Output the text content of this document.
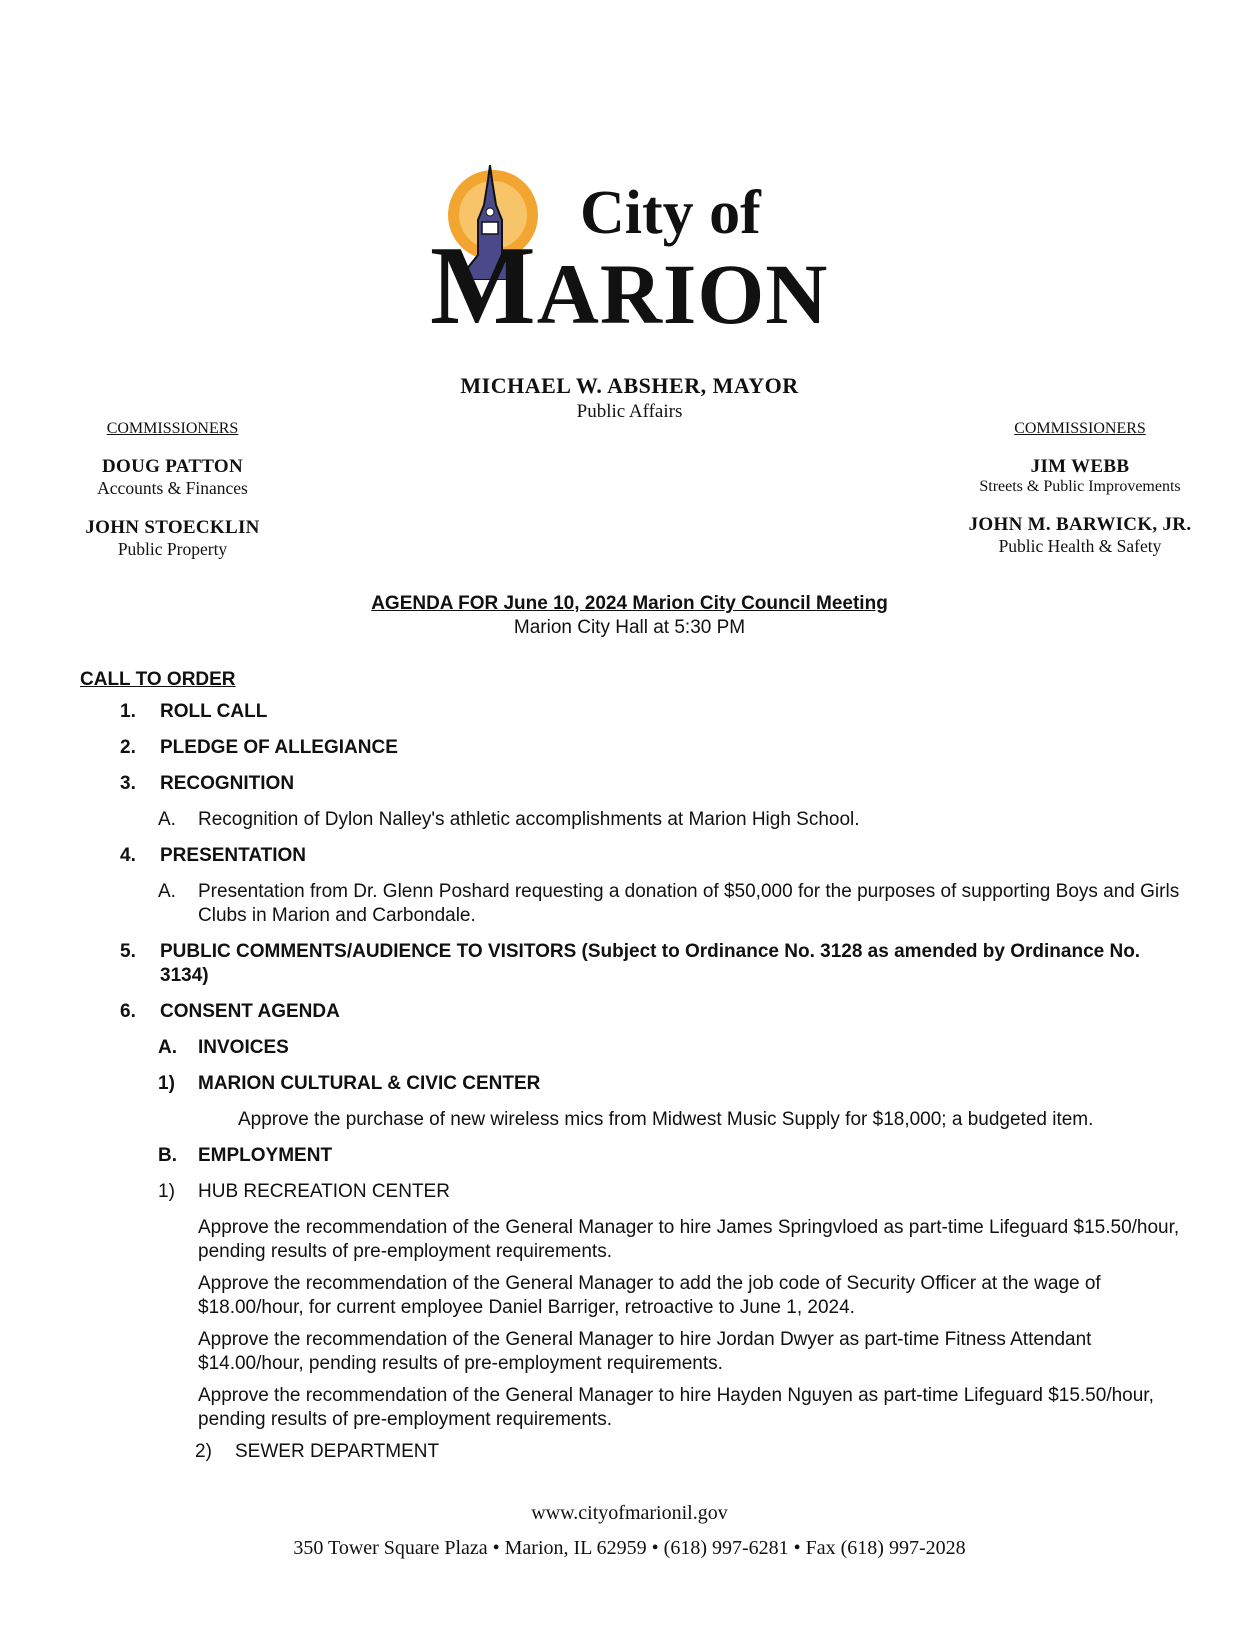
City of
MARION
MICHAEL W. ABSHER, MAYOR
Public Affairs
COMMISSIONERS
DOUG PATTON
Accounts & Finances
JOHN STOECKLIN
Public Property
COMMISSIONERS
JIM WEBB
Streets & Public Improvements
JOHN M. BARWICK, JR.
Public Health & Safety
AGENDA FOR June 10, 2024 Marion City Council Meeting
Marion City Hall at 5:30 PM
CALL TO ORDER
1.	ROLL CALL
2.	PLEDGE OF ALLEGIANCE
3.	RECOGNITION
A.	Recognition of Dylon Nalley's athletic accomplishments at Marion High School.
4.	PRESENTATION
A.	Presentation from Dr. Glenn Poshard requesting a donation of $50,000 for the purposes of supporting Boys and Girls Clubs in Marion and Carbondale.
5.	PUBLIC COMMENTS/AUDIENCE TO VISITORS (Subject to Ordinance No. 3128 as amended by Ordinance No. 3134)
6.	CONSENT AGENDA
A.	INVOICES
1)	MARION CULTURAL & CIVIC CENTER
Approve the purchase of new wireless mics from Midwest Music Supply for $18,000; a budgeted item.
B.	EMPLOYMENT
1)	HUB RECREATION CENTER
Approve the recommendation of the General Manager to hire James Springvloed as part-time Lifeguard $15.50/hour, pending results of pre-employment requirements.
Approve the recommendation of the General Manager to add the job code of Security Officer at the wage of $18.00/hour, for current employee Daniel Barriger, retroactive to June 1, 2024.
Approve the recommendation of the General Manager to hire Jordan Dwyer as part-time Fitness Attendant $14.00/hour, pending results of pre-employment requirements.
Approve the recommendation of the General Manager to hire Hayden Nguyen as part-time Lifeguard $15.50/hour, pending results of pre-employment requirements.
2)	SEWER DEPARTMENT
www.cityofmarionil.gov
350 Tower Square Plaza • Marion, IL 62959 • (618) 997-6281 • Fax (618) 997-2028
